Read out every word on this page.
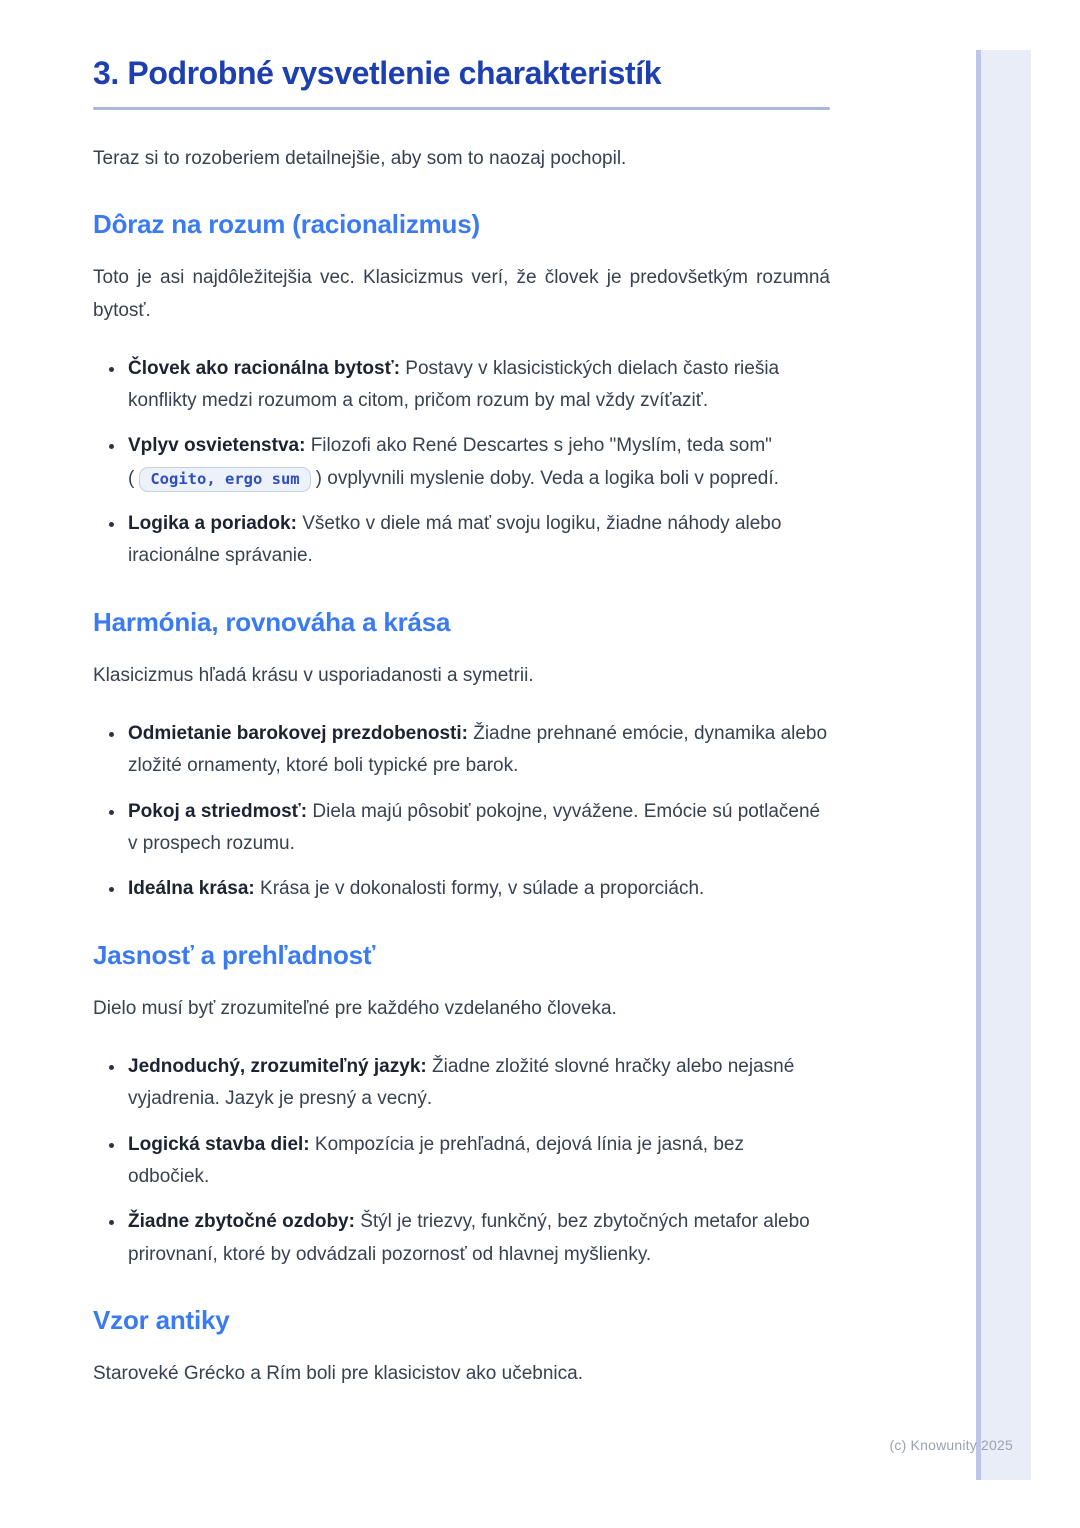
3. Podrobné vysvetlenie charakteristík

Teraz si to rozoberiem detailnejšie, aby som to naozaj pochopil.

Dôraz na rozum (racionalizmus)

Toto je asi najdôležitejšia vec. Klasicizmus verí, že človek je predovšetkým rozumná bytosť.

• Človek ako racionálna bytosť: Postavy v klasicistických dielach často riešia konflikty medzi rozumom a citom, pričom rozum by mal vždy zvíťaziť.
• Vplyv osvietenstva: Filozofi ako René Descartes s jeho "Myslím, teda som" ( Cogito, ergo sum ) ovplyvnili myslenie doby. Veda a logika boli v popredí.
• Logika a poriadok: Všetko v diele má mať svoju logiku, žiadne náhody alebo iracionálne správanie.
Harmónia, rovnováha a krása

Klasicizmus hľadá krásu v usporiadanosti a symetrii.

• Odmietanie barokovej prezdobenosti: Žiadne prehnané emócie, dynamika alebo zložité ornamenty, ktoré boli typické pre barok.
• Pokoj a striedmosť: Diela majú pôsobiť pokojne, vyvážene. Emócie sú potlačené v prospech rozumu.
• Ideálna krása: Krása je v dokonalosti formy, v súlade a proporciách.
Jasnosť a prehľadnosť

Dielo musí byť zrozumiteľné pre každého vzdelaného človeka.

• Jednoduchý, zrozumiteľný jazyk: Žiadne zložité slovné hračky alebo nejasné vyjadrenia. Jazyk je presný a vecný.
• Logická stavba diel: Kompozícia je prehľadná, dejová línia je jasná, bez odbočiek.
• Žiadne zbytočné ozdoby: Štýl je triezvy, funkčný, bez zbytočných metafor alebo prirovnaní, ktoré by odvádzali pozornosť od hlavnej myšlienky.
Vzor antiky

Staroveké Grécko a Rím boli pre klasicistov ako učebnica.

(c) Knowunity 2025
